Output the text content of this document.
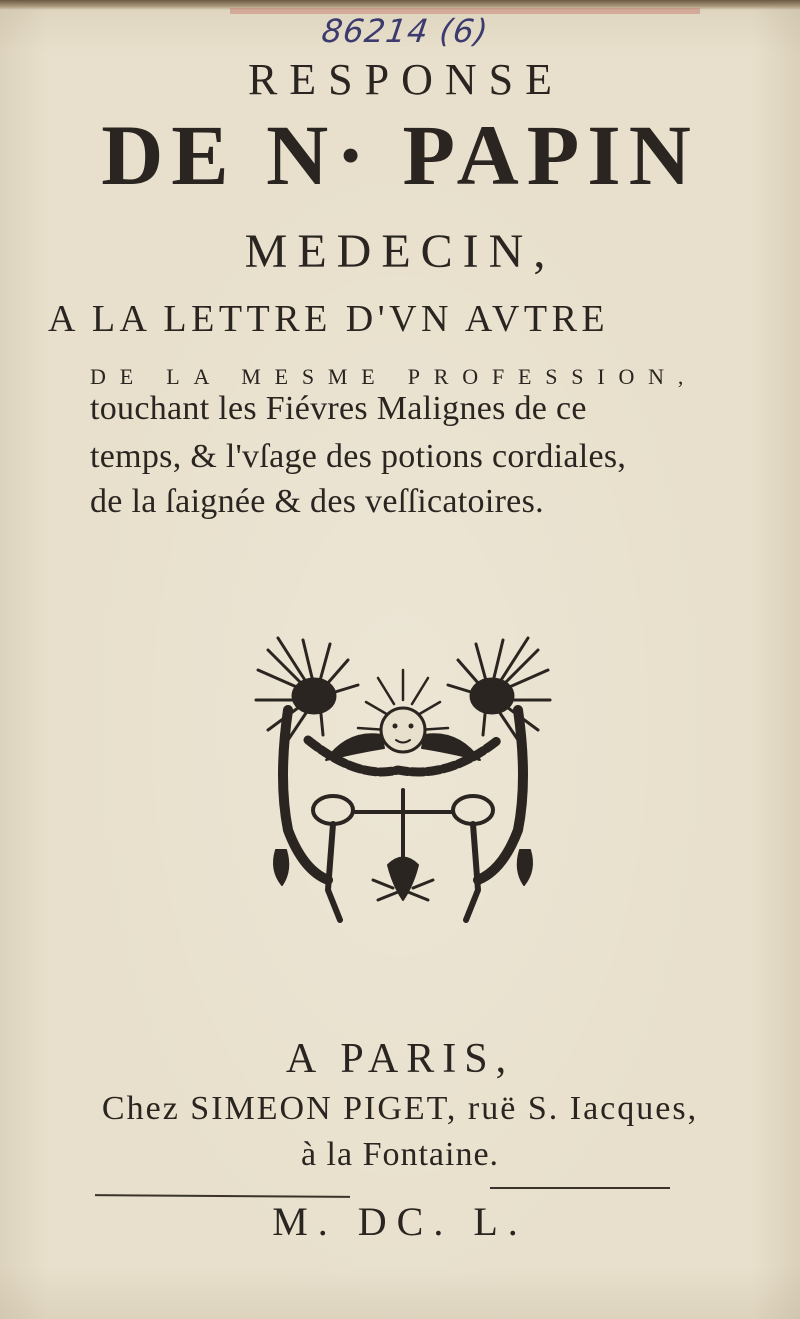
86214 (6)
RESPONSE
DE N· PAPIN
MEDECIN,
A LA LETTRE D'VN AVTRE
DE LA MESME PROFESSION,
touchant les Fiévres Malignes de ce
temps, & l'vſage des potions cordiales,
de la ſaignée & des veſſicatoires.
A PARIS,
Chez SIMEON PIGET, ruë S. Iacques,
à la Fontaine.
M. DC. L.
